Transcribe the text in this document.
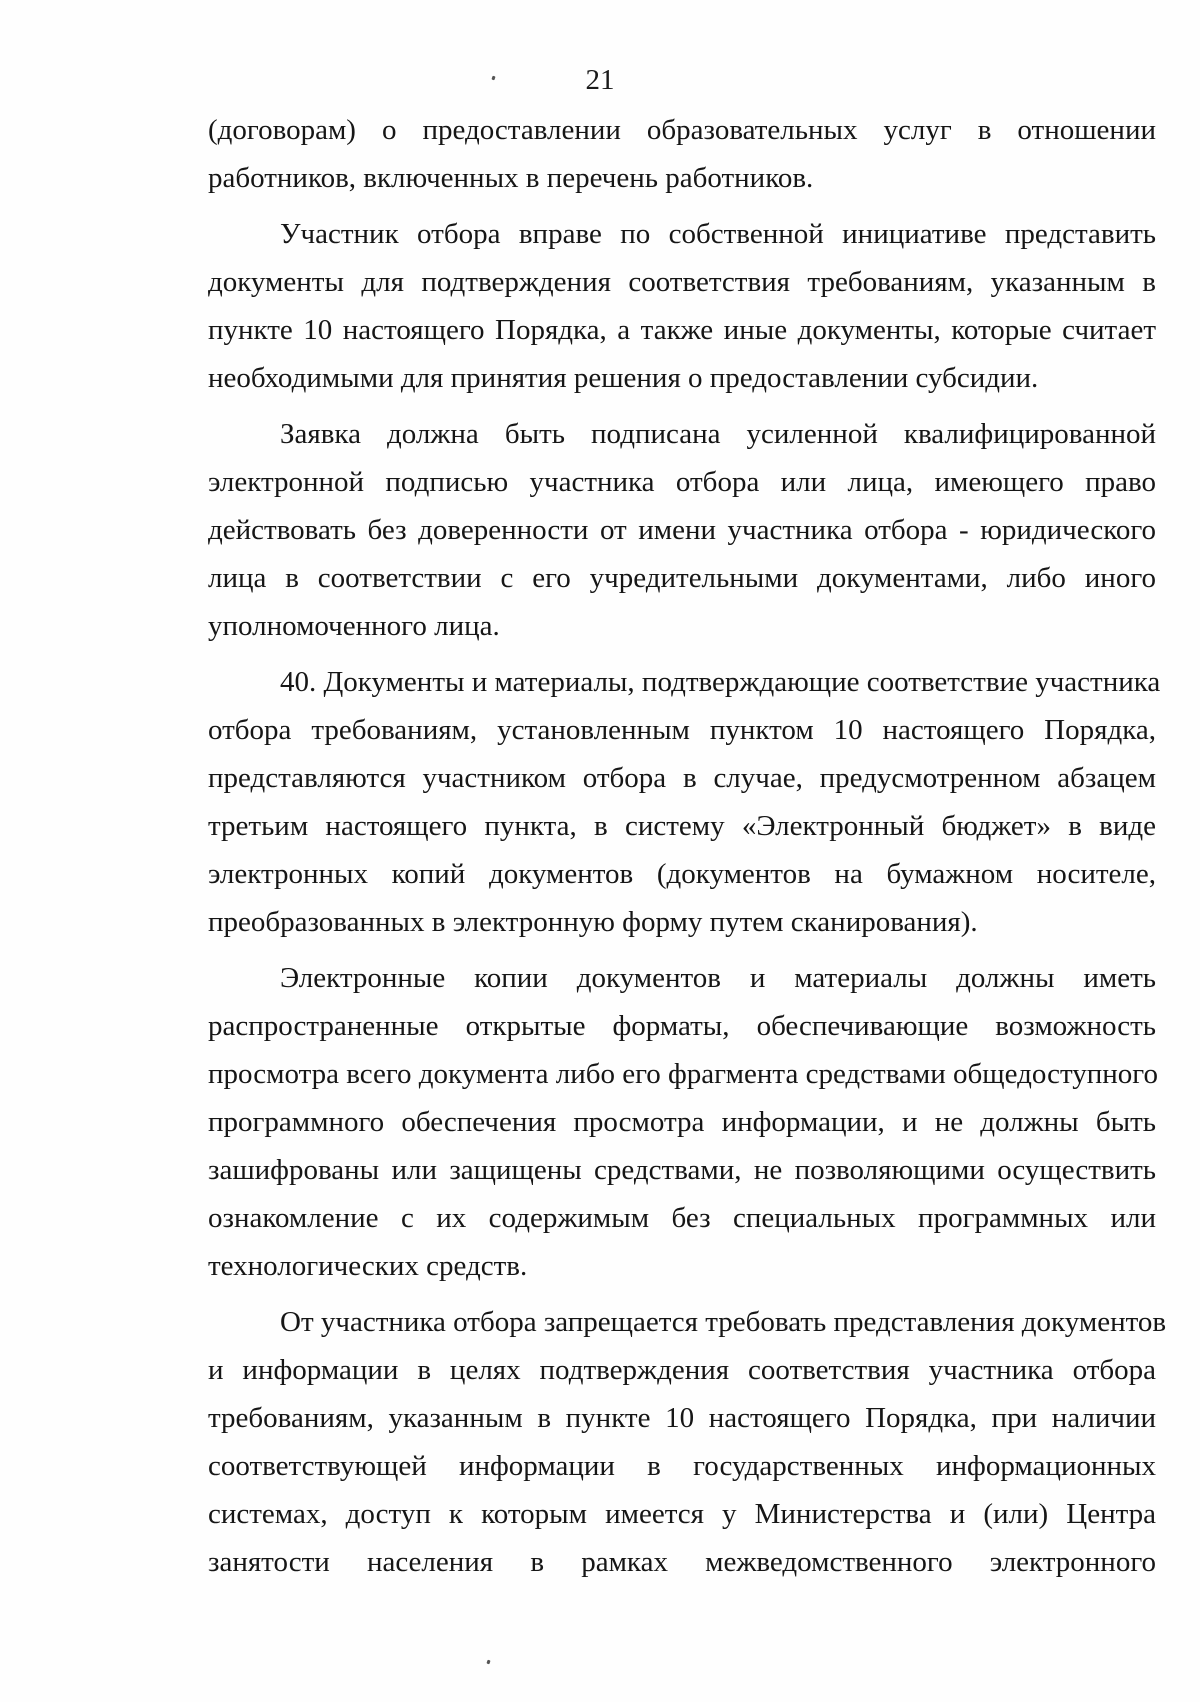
21
(договорам) о предоставлении образовательных услуг в отношении
работников, включенных в перечень работников.
Участник отбора вправе по собственной инициативе представить
документы для подтверждения соответствия требованиям, указанным в
пункте 10 настоящего Порядка, а также иные документы, которые считает
необходимыми для принятия решения о предоставлении субсидии.
Заявка должна быть подписана усиленной квалифицированной
электронной подписью участника отбора или лица, имеющего право
действовать без доверенности от имени участника отбора - юридического
лица в соответствии с его учредительными документами, либо иного
уполномоченного лица.
40. Документы и материалы, подтверждающие соответствие участника
отбора требованиям, установленным пунктом 10 настоящего Порядка,
представляются участником отбора в случае, предусмотренном абзацем
третьим настоящего пункта, в систему «Электронный бюджет» в виде
электронных копий документов (документов на бумажном носителе,
преобразованных в электронную форму путем сканирования).
Электронные копии документов и материалы должны иметь
распространенные открытые форматы, обеспечивающие возможность
просмотра всего документа либо его фрагмента средствами общедоступного
программного обеспечения просмотра информации, и не должны быть
зашифрованы или защищены средствами, не позволяющими осуществить
ознакомление с их содержимым без специальных программных или
технологических средств.
От участника отбора запрещается требовать представления документов
и информации в целях подтверждения соответствия участника отбора
требованиям, указанным в пункте 10 настоящего Порядка, при наличии
соответствующей информации в государственных информационных
системах, доступ к которым имеется у Министерства и (или) Центра
занятости населения в рамках межведомственного электронного
